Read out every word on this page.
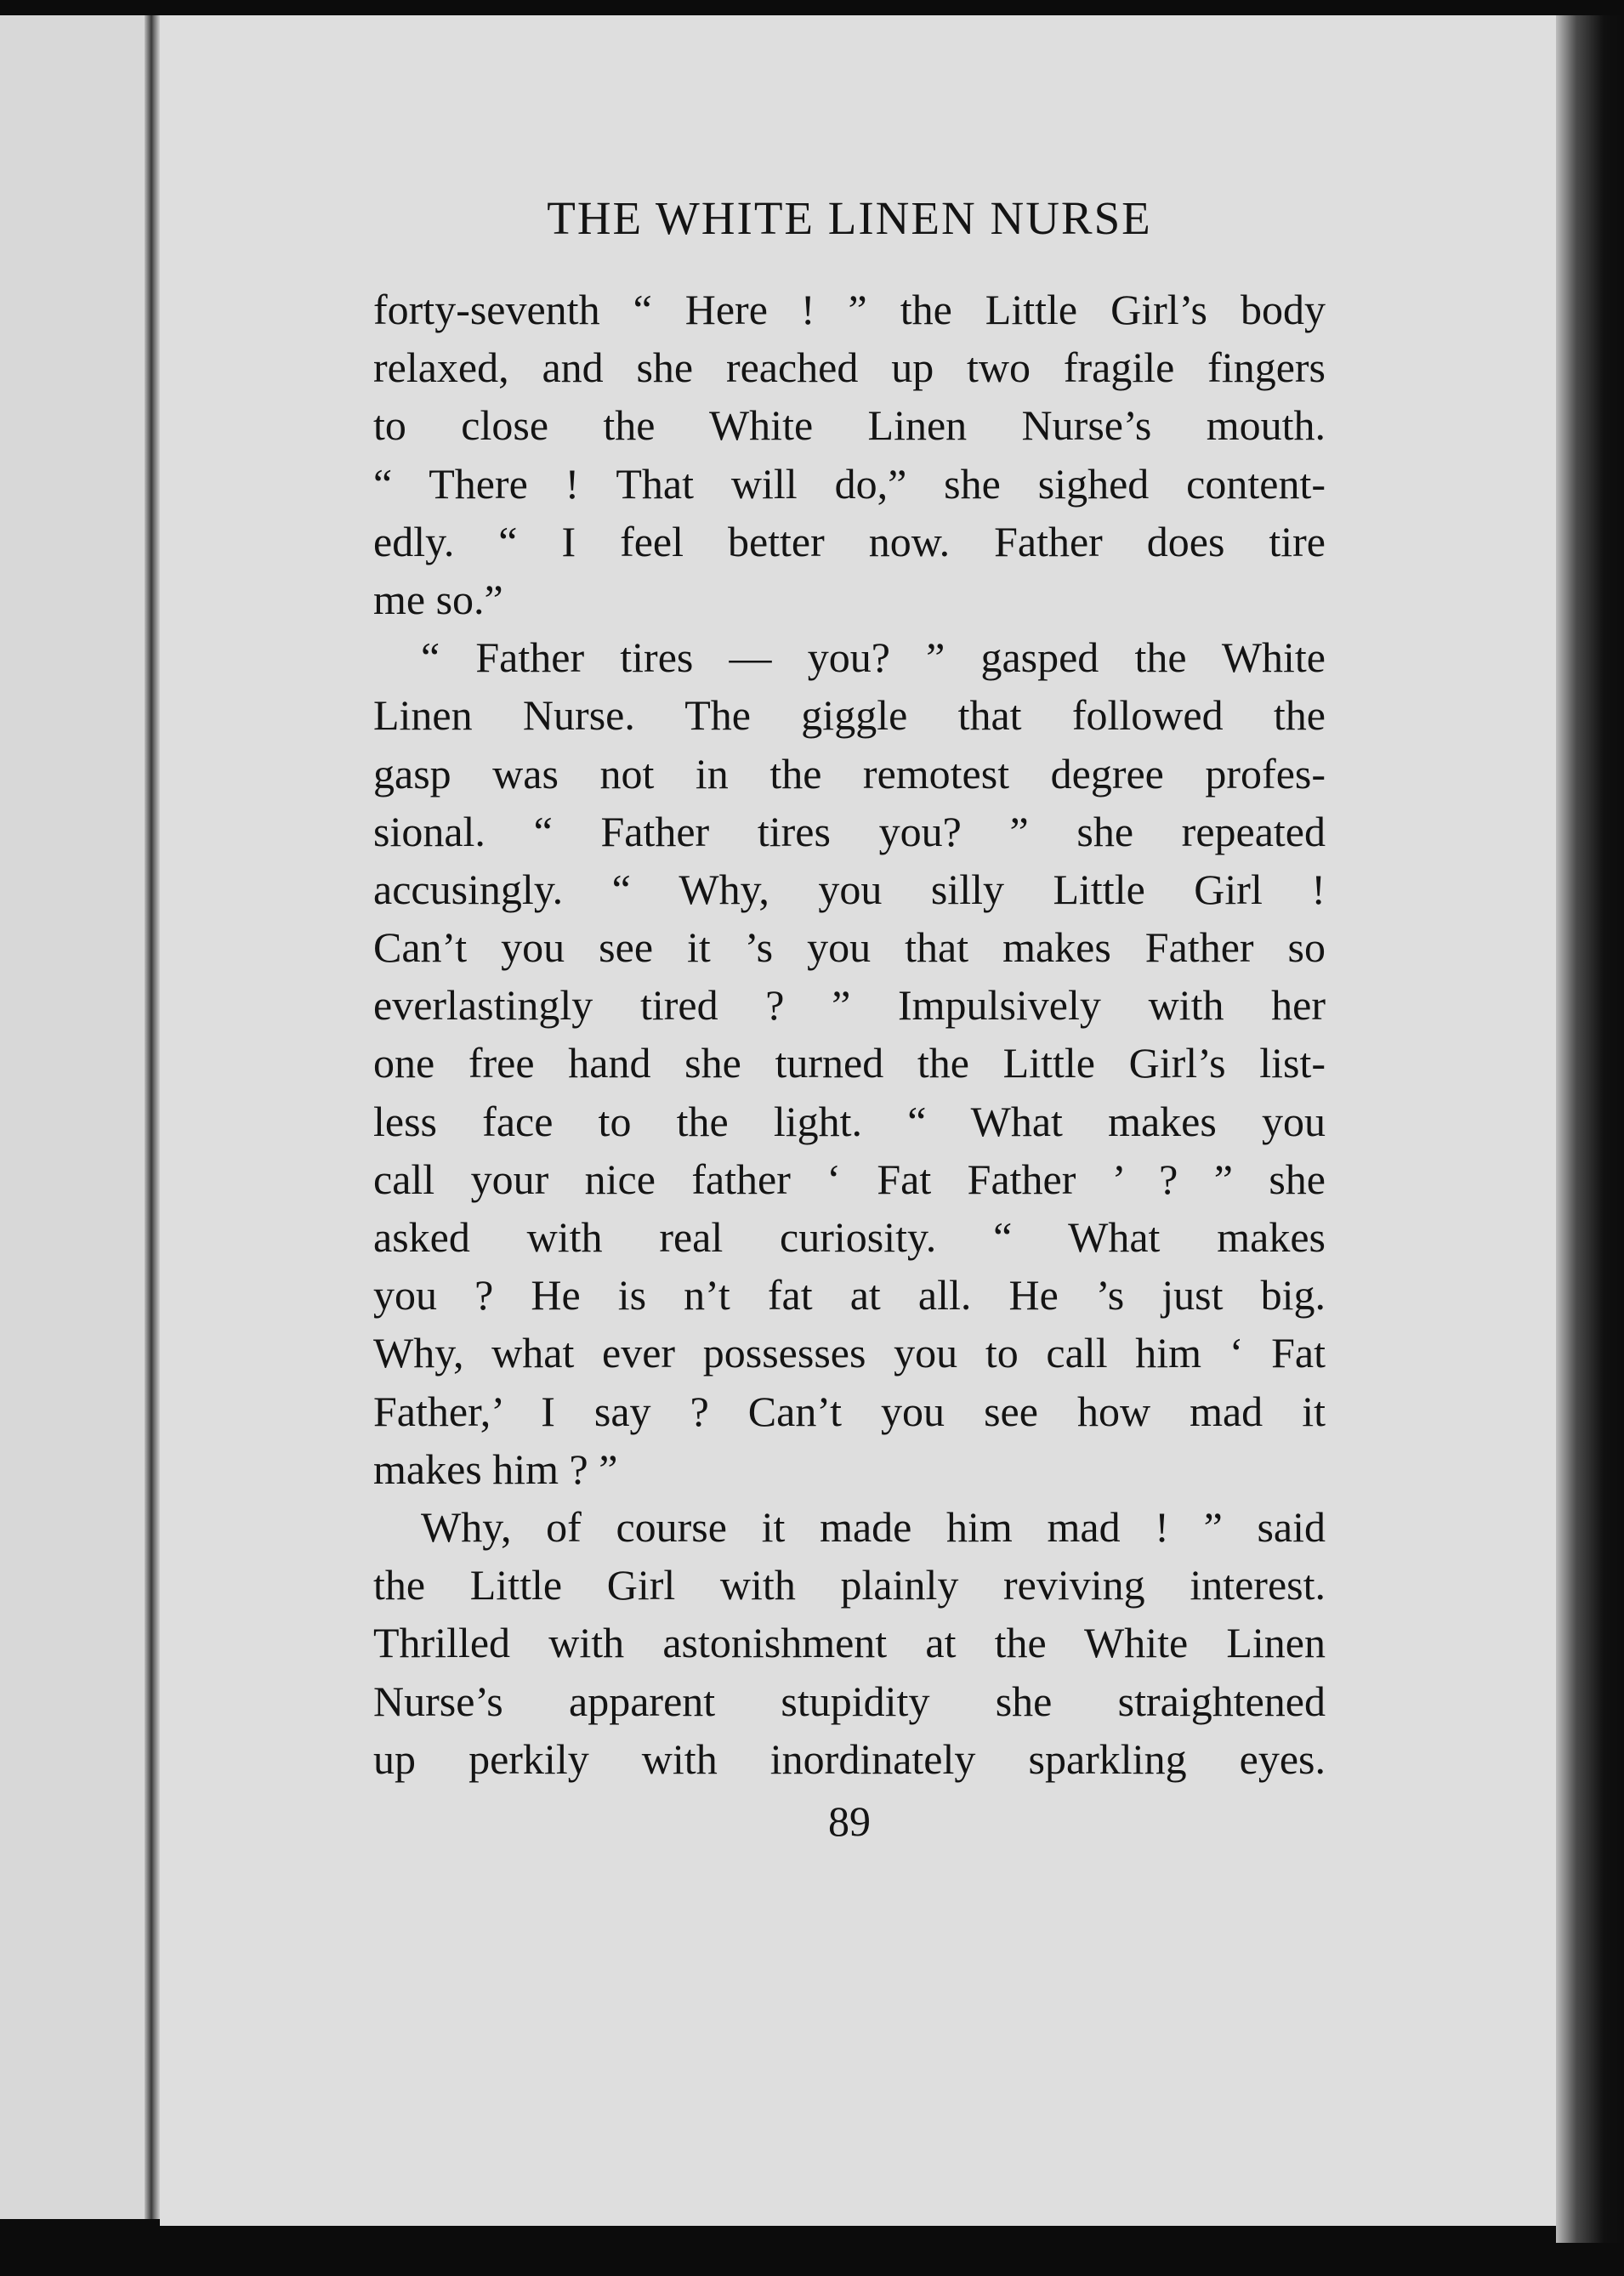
THE WHITE LINEN NURSE
forty-seventh “ Here ! ” the Little Girl’s body
relaxed, and she reached up two fragile fingers
to close the White Linen Nurse’s mouth.
“ There ! That will do,” she sighed content-
edly. “ I feel better now. Father does tire
me so.”
“ Father tires — you? ” gasped the White
Linen Nurse. The giggle that followed the
gasp was not in the remotest degree profes-
sional. “ Father tires you? ” she repeated
accusingly. “ Why, you silly Little Girl !
Can’t you see it ’s you that makes Father so
everlastingly tired ? ” Impulsively with her
one free hand she turned the Little Girl’s list-
less face to the light. “ What makes you
call your nice father ‘ Fat Father ’ ? ” she
asked with real curiosity. “ What makes
you ? He is n’t fat at all. He ’s just big.
Why, what ever possesses you to call him ‘ Fat
Father,’ I say ? Can’t you see how mad it
makes him ? ”
Why, of course it made him mad ! ” said
the Little Girl with plainly reviving interest.
Thrilled with astonishment at the White Linen
Nurse’s apparent stupidity she straightened
up perkily with inordinately sparkling eyes.
89
